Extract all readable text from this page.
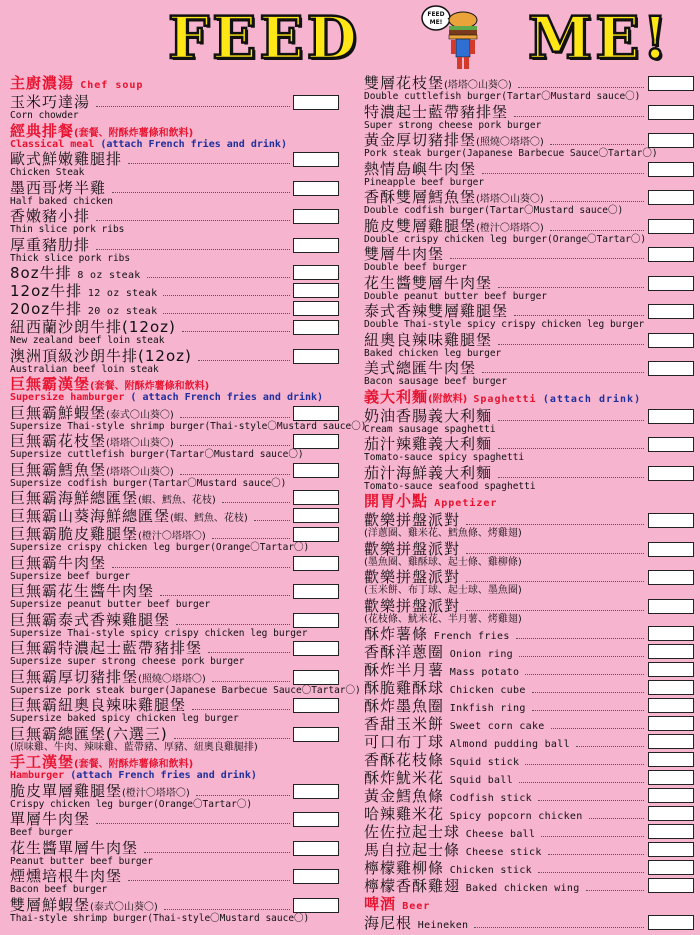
FEED	ME!
FEED
ME!
主廚濃湯 Chef soup
玉米巧達湯
Corn chowder
經典排餐(套餐、附酥炸薯條和飲料)
Classical meal (attach French fries and drink)
歐式鮮嫩雞腿排
Chicken Steak
墨西哥烤半雞
Half baked chicken
香嫩豬小排
Thin slice pork ribs
厚重豬肋排
Thick slice pork ribs
8oz牛排 8 oz steak
12oz牛排 12 oz steak
20oz牛排 20 oz steak
紐西蘭沙朗牛排(12oz)
New zealand beef loin steak
澳洲頂級沙朗牛排(12oz)
Australian beef loin steak
巨無霸漢堡(套餐、附酥炸薯條和飲料)
Supersize hamburger ( attach French fries and drink)
巨無霸鮮蝦堡(泰式〇山葵〇)
Supersize Thai-style shrimp burger(Thai-style〇Mustard sauce〇)
巨無霸花枝堡(塔塔〇山葵〇)
Supersize cuttlefish burger(Tartar〇Mustard sauce〇)
巨無霸鱈魚堡(塔塔〇山葵〇)
Supersize codfish burger(Tartar〇Mustard sauce〇)
巨無霸海鮮總匯堡(蝦、鱈魚、花枝)
巨無霸山葵海鮮總匯堡(蝦、鱈魚、花枝)
巨無霸脆皮雞腿堡(橙汁〇塔塔〇)
Supersize crispy chicken leg burger(Orange〇Tartar〇)
巨無霸牛肉堡
Supersize beef burger
巨無霸花生醬牛肉堡
Supersize peanut butter beef burger
巨無霸泰式香辣雞腿堡
Supersize Thai-style spicy crispy chicken leg burger
巨無霸特濃起士藍帶豬排堡
Supersize super strong cheese pork burger
巨無霸厚切豬排堡(照燒〇塔塔〇)
Supersize pork steak burger(Japanese Barbecue Sauce〇Tartar〇)
巨無霸紐奧良辣味雞腿堡
Supersize baked spicy chicken leg burger
巨無霸總匯堡(六選三)
(原味雞、牛肉、辣味雞、藍帶豬、厚豬、紐奧良雞腿排)
手工漢堡(套餐、附酥炸薯條和飲料)
Hamburger (attach French fries and drink)
脆皮單層雞腿堡(橙汁〇塔塔〇)
Crispy chicken leg burger(Orange〇Tartar〇)
單層牛肉堡
Beef burger
花生醬單層牛肉堡
Peanut butter beef burger
煙燻培根牛肉堡
Bacon beef burger
雙層鮮蝦堡(泰式〇山葵〇)
Thai-style shrimp burger(Thai-style〇Mustard sauce〇)
雙層花枝堡(塔塔〇山葵〇)
Double cuttlefish burger(Tartar〇Mustard sauce〇)
特濃起士藍帶豬排堡
Super strong cheese pork burger
黃金厚切豬排堡(照燒〇塔塔〇)
Pork steak burger(Japanese Barbecue Sauce〇Tartar〇)
熱情島嶼牛肉堡
Pineapple beef burger
香酥雙層鱈魚堡(塔塔〇山葵〇)
Double codfish burger(Tartar〇Mustard sauce〇)
脆皮雙層雞腿堡(橙汁〇塔塔〇)
Double crispy chicken leg burger(Orange〇Tartar〇)
雙層牛肉堡
Double beef burger
花生醬雙層牛肉堡
Double peanut butter beef burger
泰式香辣雙層雞腿堡
Double Thai-style spicy crispy chicken leg burger
紐奧良辣味雞腿堡
Baked chicken leg burger
美式總匯牛肉堡
Bacon sausage beef burger
義大利麵(附飲料) Spaghetti (attach drink)
奶油香腸義大利麵
Cream sausage spaghetti
茄汁辣雞義大利麵
Tomato-sauce spicy spaghetti
茄汁海鮮義大利麵
Tomato-sauce seafood spaghetti
開胃小點 Appetizer
歡樂拼盤派對
(洋蔥圈、雞米花、鱈魚條、烤雞翅)
歡樂拼盤派對
(墨魚圈、雞酥球、起士條、雞柳條)
歡樂拼盤派對
(玉米餅、布丁球、起士球、墨魚圈)
歡樂拼盤派對
(花枝條、魷米花、半月薯、烤雞翅)
酥炸薯條 French fries
香酥洋蔥圈 Onion ring
酥炸半月薯 Mass potato
酥脆雞酥球 Chicken cube
酥炸墨魚圈 Inkfish ring
香甜玉米餅 Sweet corn cake
可口布丁球 Almond pudding ball
香酥花枝條 Squid stick
酥炸魷米花 Squid ball
黃金鱈魚條 Codfish stick
哈辣雞米花 Spicy popcorn chicken
佐佐拉起士球 Cheese ball
馬自拉起士條 Cheese stick
檸檬雞柳條 Chicken stick
檸檬香酥雞翅 Baked chicken wing
啤酒 Beer
海尼根 Heineken
